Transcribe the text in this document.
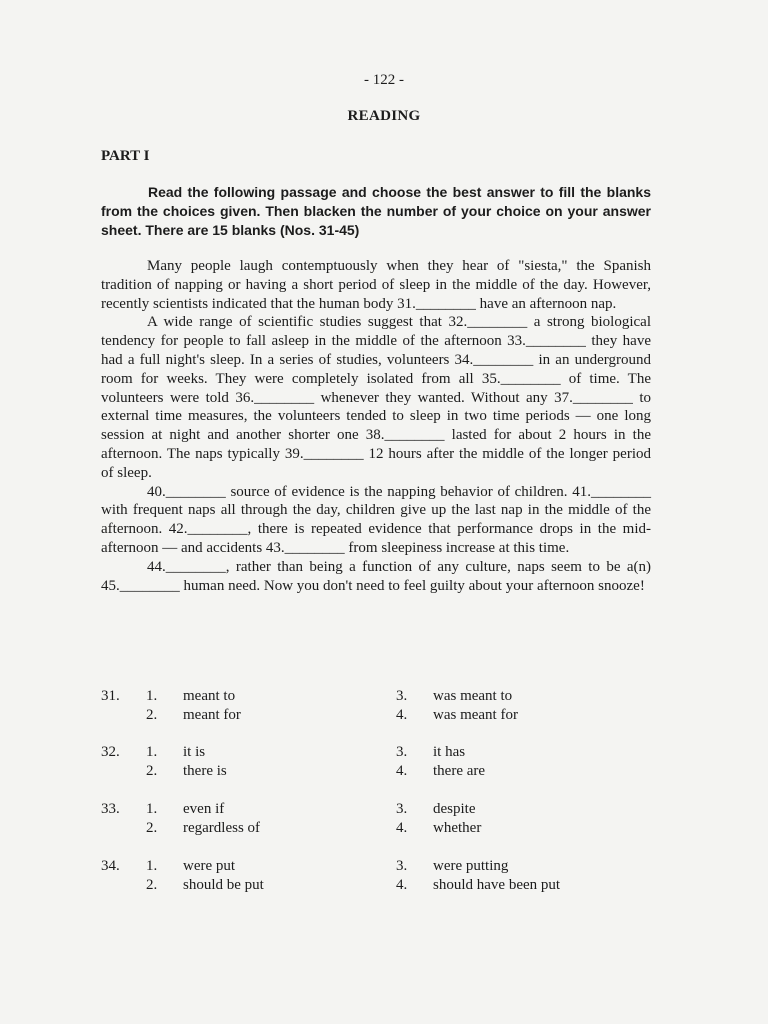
- 122 -
READING
PART I
Read the following passage and choose the best answer to fill the blanks from the choices given. Then blacken the number of your choice on your answer sheet. There are 15 blanks (Nos. 31-45)

Many people laugh contemptuously when they hear of "siesta," the Spanish tradition of napping or having a short period of sleep in the middle of the day. However, recently scientists indicated that the human body 31.________ have an afternoon nap.

A wide range of scientific studies suggest that 32.________ a strong biological tendency for people to fall asleep in the middle of the afternoon 33.________ they have had a full night's sleep. In a series of studies, volunteers 34.________ in an underground room for weeks. They were completely isolated from all 35.________ of time. The volunteers were told 36.________ whenever they wanted. Without any 37.________ to external time measures, the volunteers tended to sleep in two time periods — one long session at night and another shorter one 38.________ lasted for about 2 hours in the afternoon. The naps typically 39.________ 12 hours after the middle of the longer period of sleep.

40.________ source of evidence is the napping behavior of children. 41.________ with frequent naps all through the day, children give up the last nap in the middle of the afternoon. 42.________, there is repeated evidence that performance drops in the mid-afternoon — and accidents 43.________ from sleepiness increase at this time.

44.________, rather than being a function of any culture, naps seem to be a(n) 45.________ human need. Now you don't need to feel guilty about your afternoon snooze!

31. 1. meant to	3. was meant to
2. meant for	4. was meant for
32. 1. it is	3. it has
2. there is	4. there are
33. 1. even if	3. despite
2. regardless of	4. whether
34. 1. were put	3. were putting
2. should be put	4. should have been put
